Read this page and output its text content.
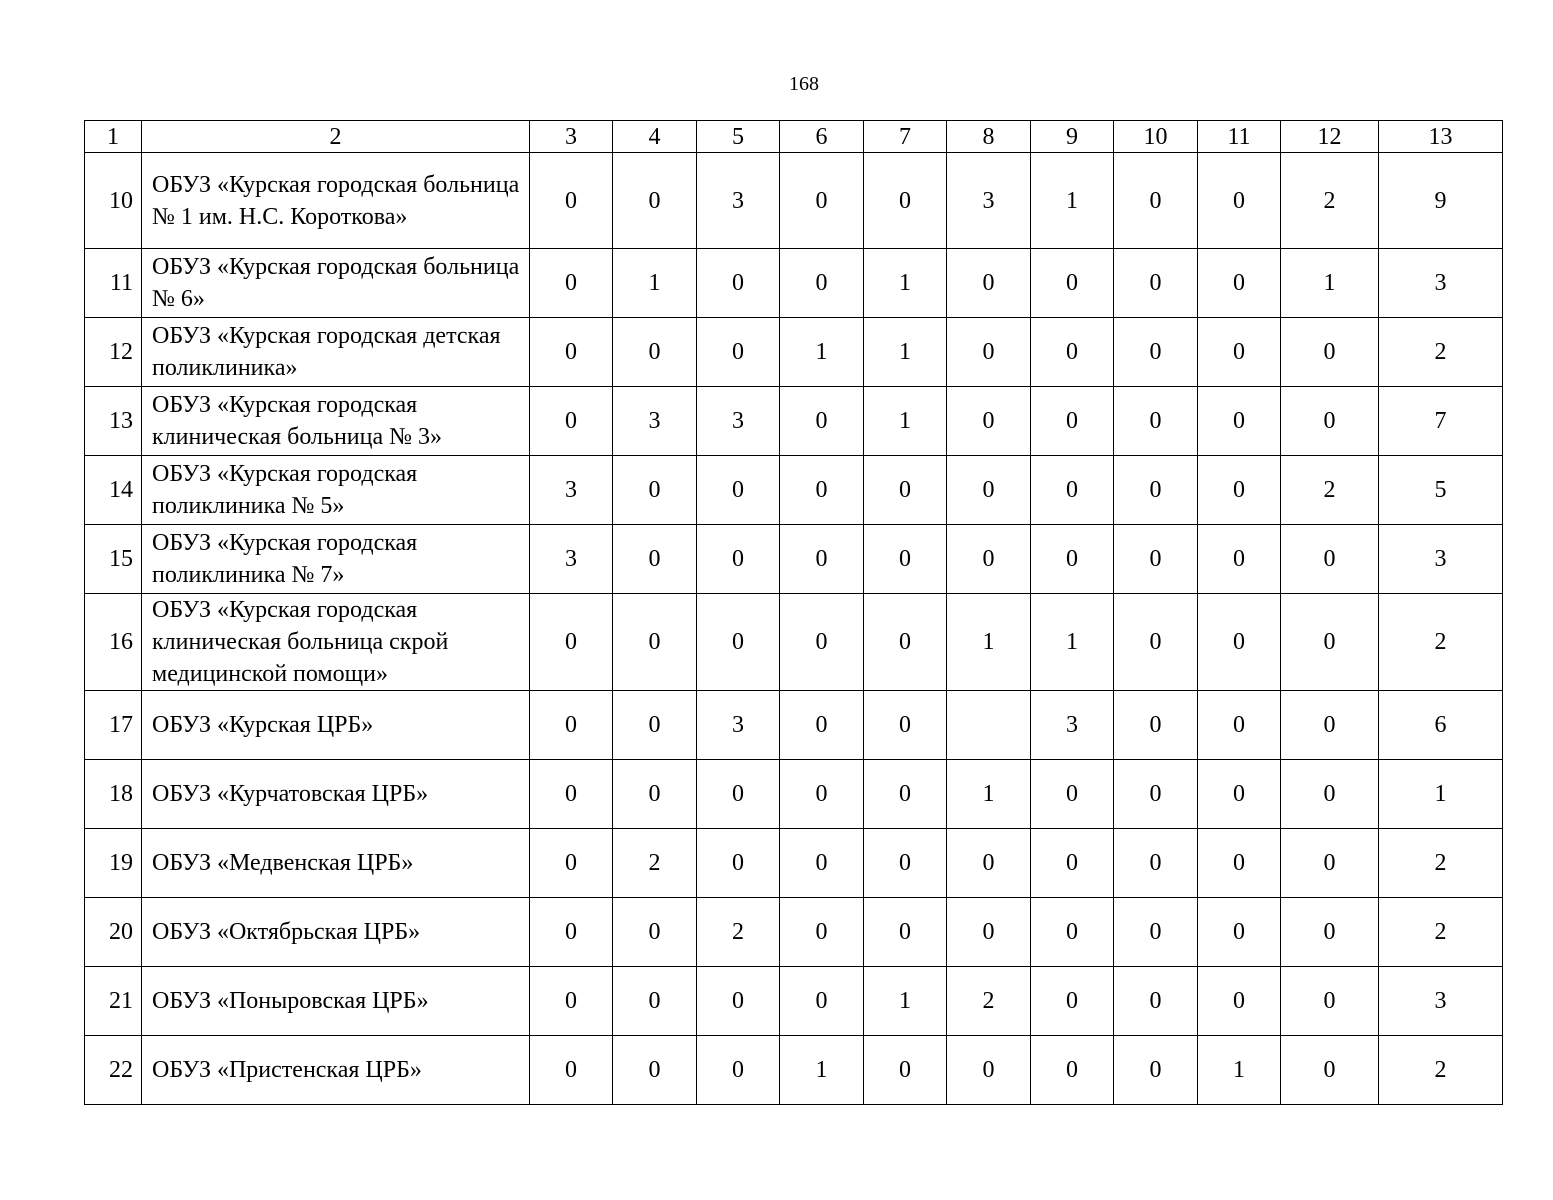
168
1	2	3	4	5	6	7	8	9	10	11	12	13
10	ОБУЗ «Курская городская больница № 1 им. Н.С. Короткова»	0	0	3	0	0	3	1	0	0	2	9
11	ОБУЗ «Курская городская больница № 6»	0	1	0	0	1	0	0	0	0	1	3
12	ОБУЗ «Курская городская детская поликлиника»	0	0	0	1	1	0	0	0	0	0	2
13	ОБУЗ «Курская городская клиническая больница № 3»	0	3	3	0	1	0	0	0	0	0	7
14	ОБУЗ «Курская городская поликлиника № 5»	3	0	0	0	0	0	0	0	0	2	5
15	ОБУЗ «Курская городская поликлиника № 7»	3	0	0	0	0	0	0	0	0	0	3
16	ОБУЗ «Курская городская клиническая больница скрой медицинской помощи»	0	0	0	0	0	1	1	0	0	0	2
17	ОБУЗ «Курская ЦРБ»	0	0	3	0	0		3	0	0	0	6
18	ОБУЗ «Курчатовская ЦРБ»	0	0	0	0	0	1	0	0	0	0	1
19	ОБУЗ «Медвенская ЦРБ»	0	2	0	0	0	0	0	0	0	0	2
20	ОБУЗ «Октябрьская ЦРБ»	0	0	2	0	0	0	0	0	0	0	2
21	ОБУЗ «Поныровская ЦРБ»	0	0	0	0	1	2	0	0	0	0	3
22	ОБУЗ «Пристенская ЦРБ»	0	0	0	1	0	0	0	0	1	0	2
